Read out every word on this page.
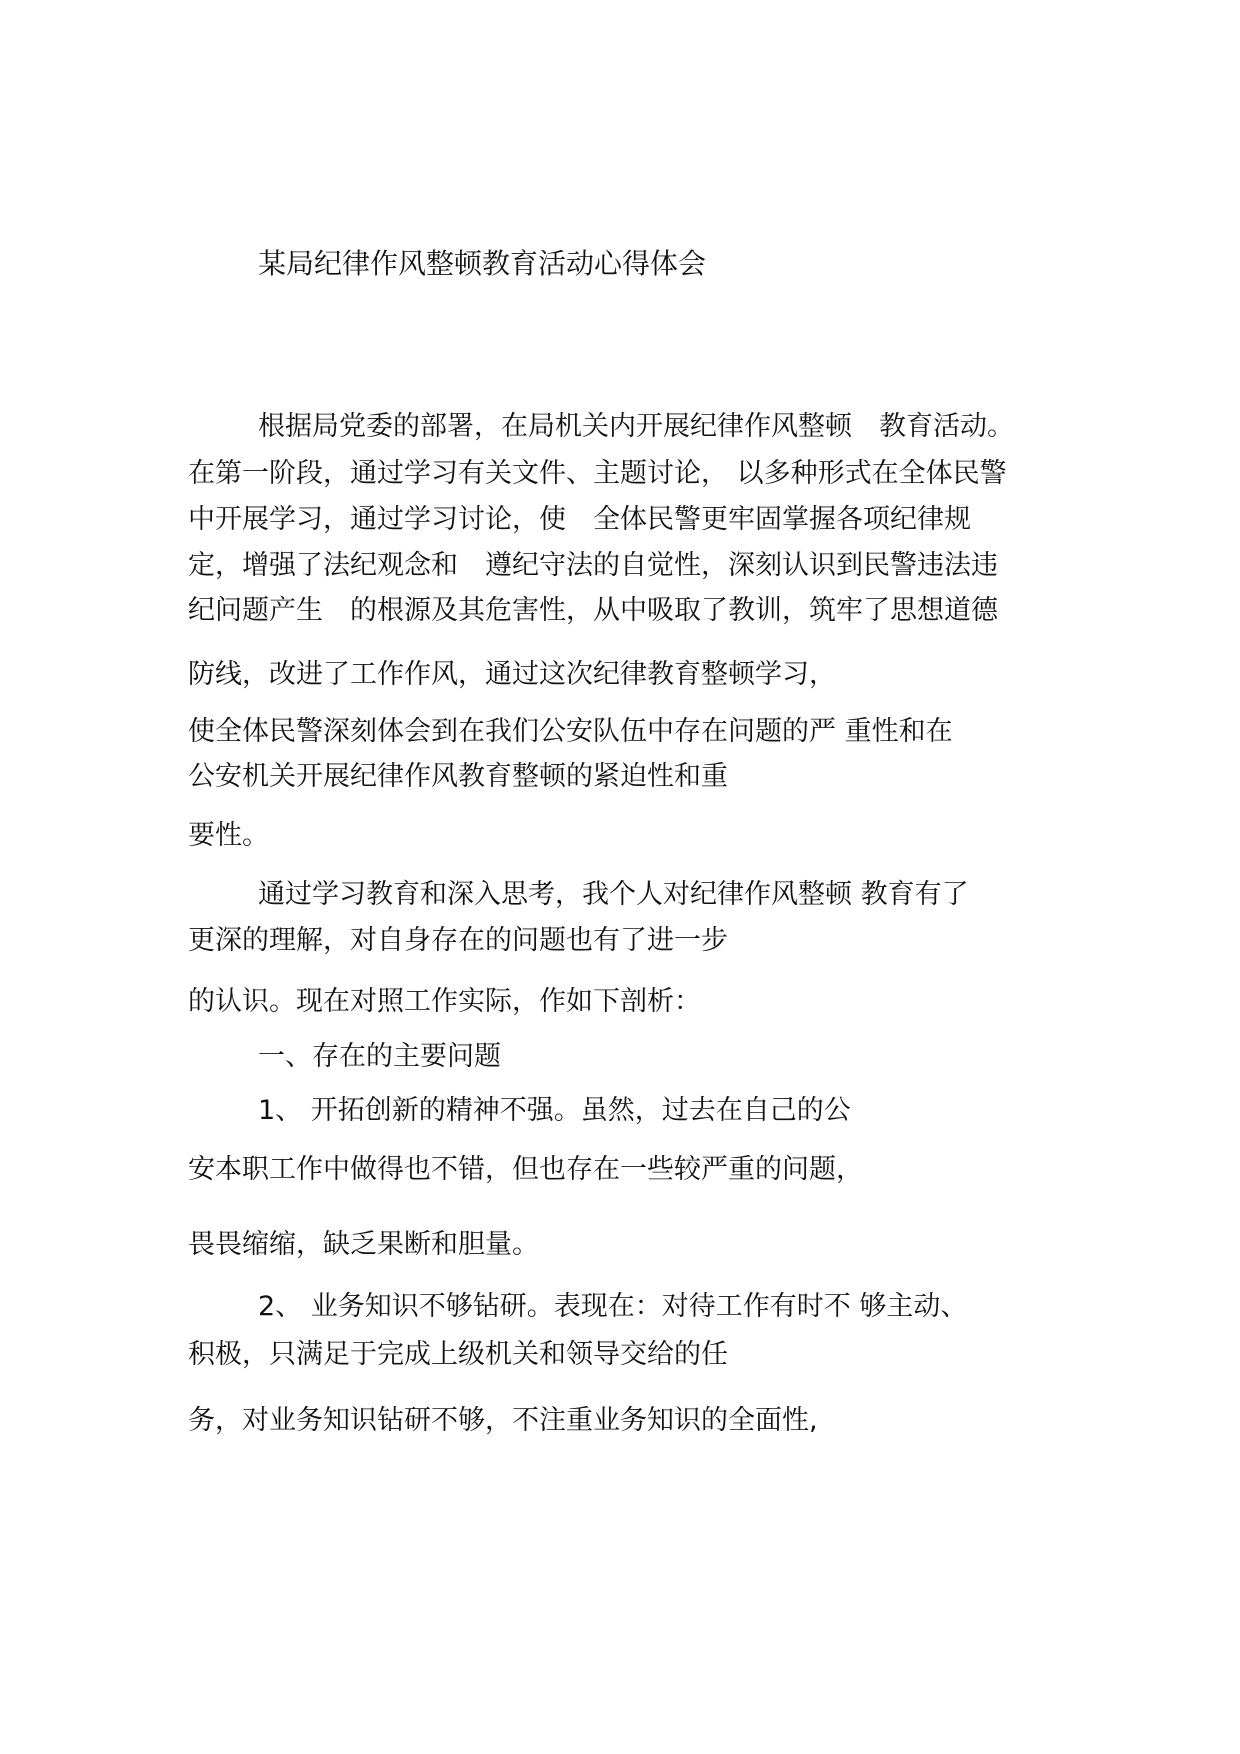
某局纪律作风整顿教育活动心得体会
根据局党委的部署，在局机关内开展纪律作风整顿　教育活动。
在第一阶段，通过学习有关文件、主题讨论， 以多种形式在全体民警
中开展学习，通过学习讨论，使　全体民警更牢固掌握各项纪律规
定，增强了法纪观念和　遵纪守法的自觉性，深刻认识到民警违法违
纪问题产生　的根源及其危害性，从中吸取了教训，筑牢了思想道德
防线，改进了工作作风，通过这次纪律教育整顿学习，
使全体民警深刻体会到在我们公安队伍中存在问题的严 重性和在
公安机关开展纪律作风教育整顿的紧迫性和重
要性。
通过学习教育和深入思考，我个人对纪律作风整顿 教育有了
更深的理解，对自身存在的问题也有了进一步
的认识。现在对照工作实际，作如下剖析：
一、存在的主要问题
1、 开拓创新的精神不强。虽然，过去在自己的公
安本职工作中做得也不错，但也存在一些较严重的问题，
畏畏缩缩，缺乏果断和胆量。
2、 业务知识不够钻研。表现在：对待工作有时不 够主动、
积极，只满足于完成上级机关和领导交给的任
务，对业务知识钻研不够，不注重业务知识的全面性,
